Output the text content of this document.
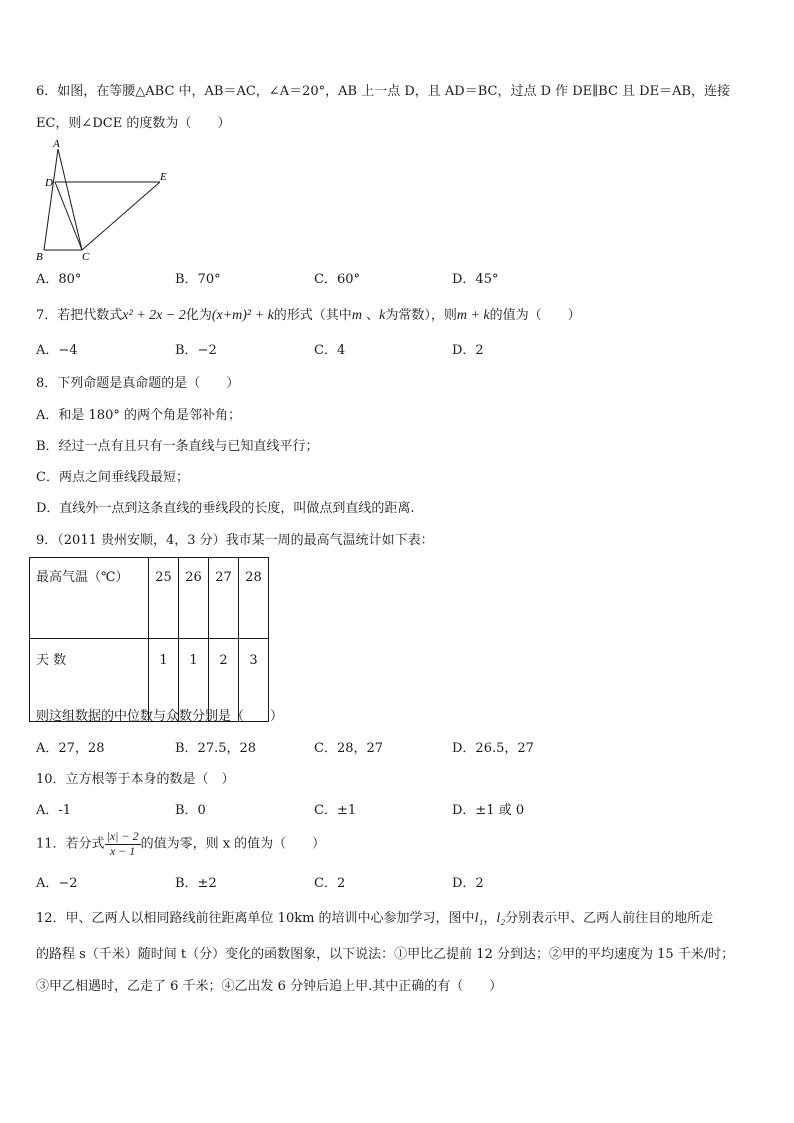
6．如图，在等腰△ABC 中，AB＝AC，∠A＝20°，AB 上一点 D，且 AD＝BC，过点 D 作 DE∥BC 且 DE＝AB，连接
EC，则∠DCE 的度数为（　　）
A
D	E
B	C
A．80°	B．70°	C．60°	D．45°
7．若把代数式x² + 2x − 2化为(x+m)² + k的形式（其中m 、k为常数），则m + k的值为（　　）
A．−4	B．−2	C．4	D．2
8．下列命题是真命题的是（　　）
A．和是 180° 的两个角是邻补角；
B．经过一点有且只有一条直线与已知直线平行；
C．两点之间垂线段最短；
D．直线外一点到这条直线的垂线段的长度，叫做点到直线的距离.
9．（2011 贵州安顺，4，3 分）我市某一周的最高气温统计如下表：
最高气温（℃）	25	26	27	28
天 数	1	1	2	3
则这组数据的中位数与众数分别是（　　）
A．27，28	B．27.5，28	C．28，27	D．26.5，27
10．立方根等于本身的数是（　）
A．-1	B．0	C．±1	D．±1 或 0
11．若分式 $\frac{|x| - 2}{x - 1}$ 的值为零，则 x 的值为（　　）
A．−2	B．±2	C．2	D．2
12．甲、乙两人以相同路线前往距离单位 10km 的培训中心参加学习，图中l₁，l₂分别表示甲、乙两人前往目的地所走
的路程 s（千米）随时间 t（分）变化的函数图象，以下说法：①甲比乙提前 12 分到达；②甲的平均速度为 15 千米/时；
③甲乙相遇时，乙走了 6 千米；④乙出发 6 分钟后追上甲.其中正确的有（　　）
